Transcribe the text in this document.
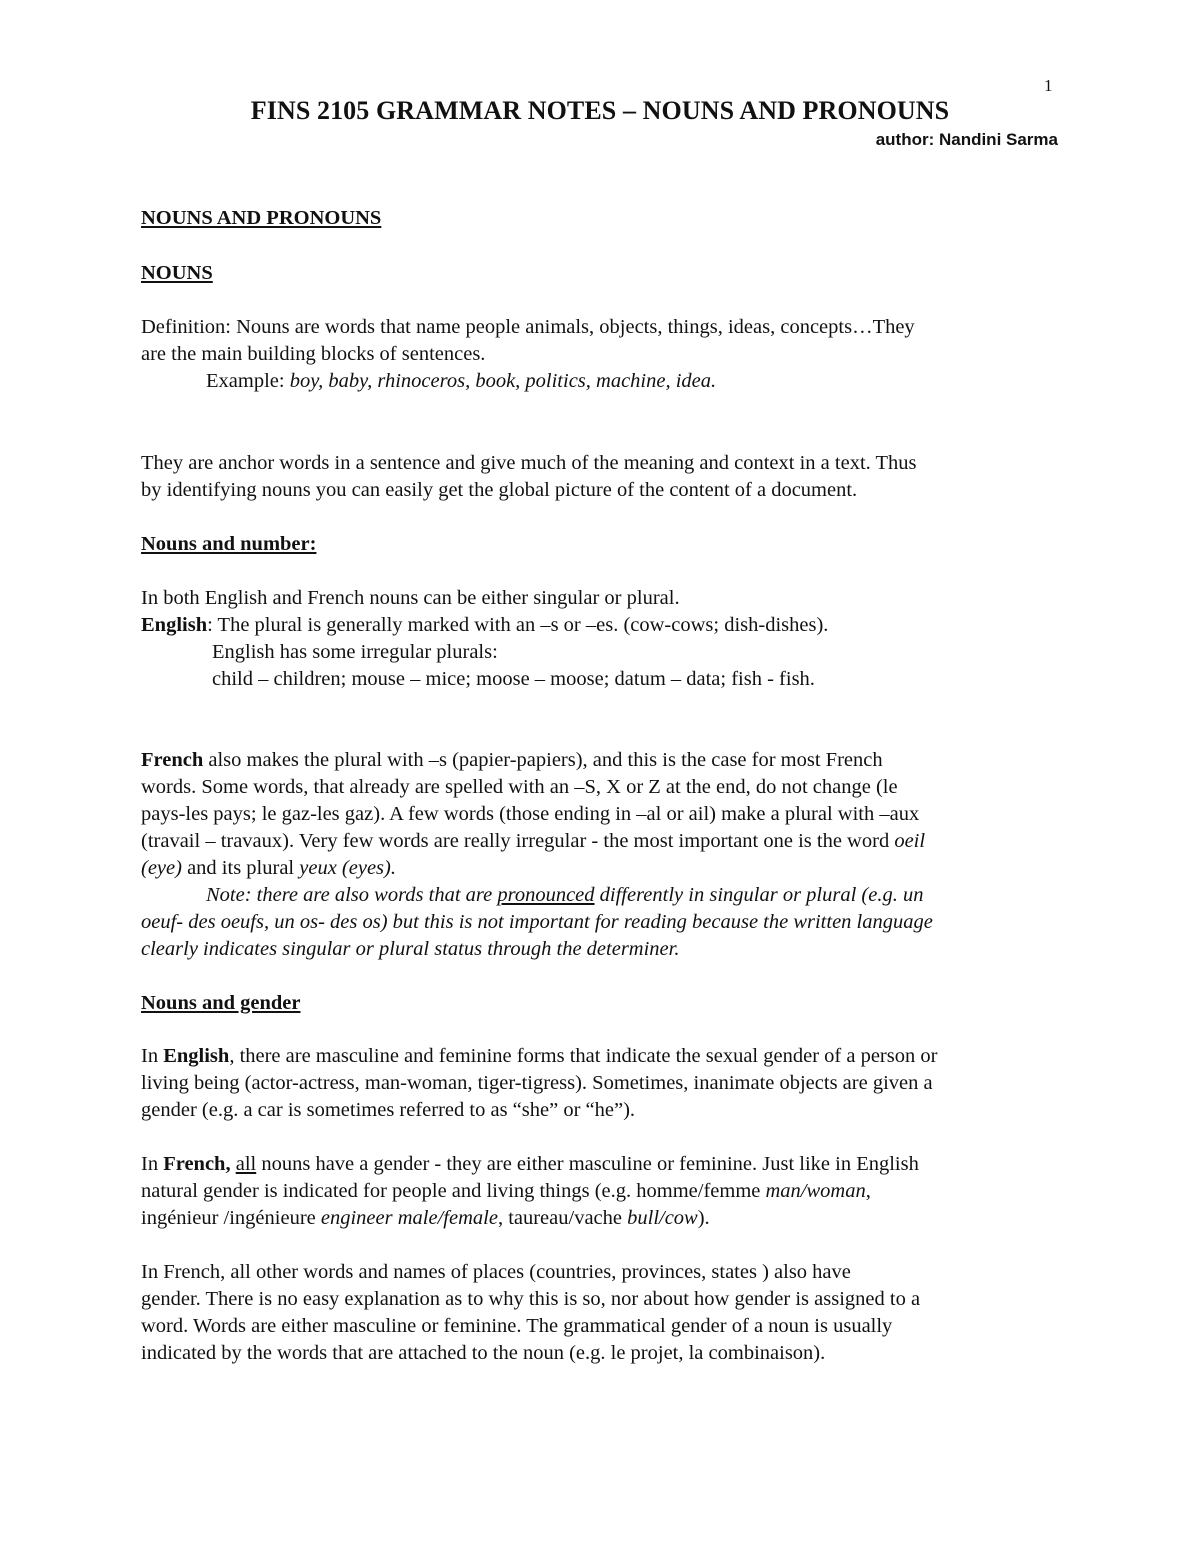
1
FINS 2105 GRAMMAR NOTES – NOUNS AND PRONOUNS
author: Nandini Sarma
NOUNS AND PRONOUNS
NOUNS
Definition: Nouns are words that name people animals, objects, things, ideas, concepts…They
are the main building blocks of sentences.
Example: boy, baby, rhinoceros, book, politics, machine, idea.
They are anchor words in a sentence and give much of the meaning and context in a text. Thus
by identifying nouns you can easily get the global picture of the content of a document.
Nouns and number:
In both English and French nouns can be either singular or plural.
English: The plural is generally marked with an –s or –es. (cow-cows; dish-dishes).
English has some irregular plurals:
child – children; mouse – mice; moose – moose; datum – data; fish - fish.
French also makes the plural with –s (papier-papiers), and this is the case for most French
words. Some words, that already are spelled with an –S, X or Z at the end, do not change (le
pays-les pays; le gaz-les gaz). A few words (those ending in –al or ail) make a plural with –aux
(travail – travaux). Very few words are really irregular - the most important one is the word oeil
(eye) and its plural yeux (eyes).
Note: there are also words that are pronounced differently in singular or plural (e.g. un
oeuf- des oeufs, un os- des os) but this is not important for reading because the written language
clearly indicates singular or plural status through the determiner.
Nouns and gender
In English, there are masculine and feminine forms that indicate the sexual gender of a person or
living being (actor-actress, man-woman, tiger-tigress). Sometimes, inanimate objects are given a
gender (e.g. a car is sometimes referred to as “she” or “he”).
In French, all nouns have a gender - they are either masculine or feminine. Just like in English
natural gender is indicated for people and living things (e.g. homme/femme man/woman,
ingénieur /ingénieure engineer male/female, taureau/vache bull/cow).
In French, all other words and names of places (countries, provinces, states ) also have
gender. There is no easy explanation as to why this is so, nor about how gender is assigned to a
word. Words are either masculine or feminine. The grammatical gender of a noun is usually
indicated by the words that are attached to the noun (e.g. le projet, la combinaison).
